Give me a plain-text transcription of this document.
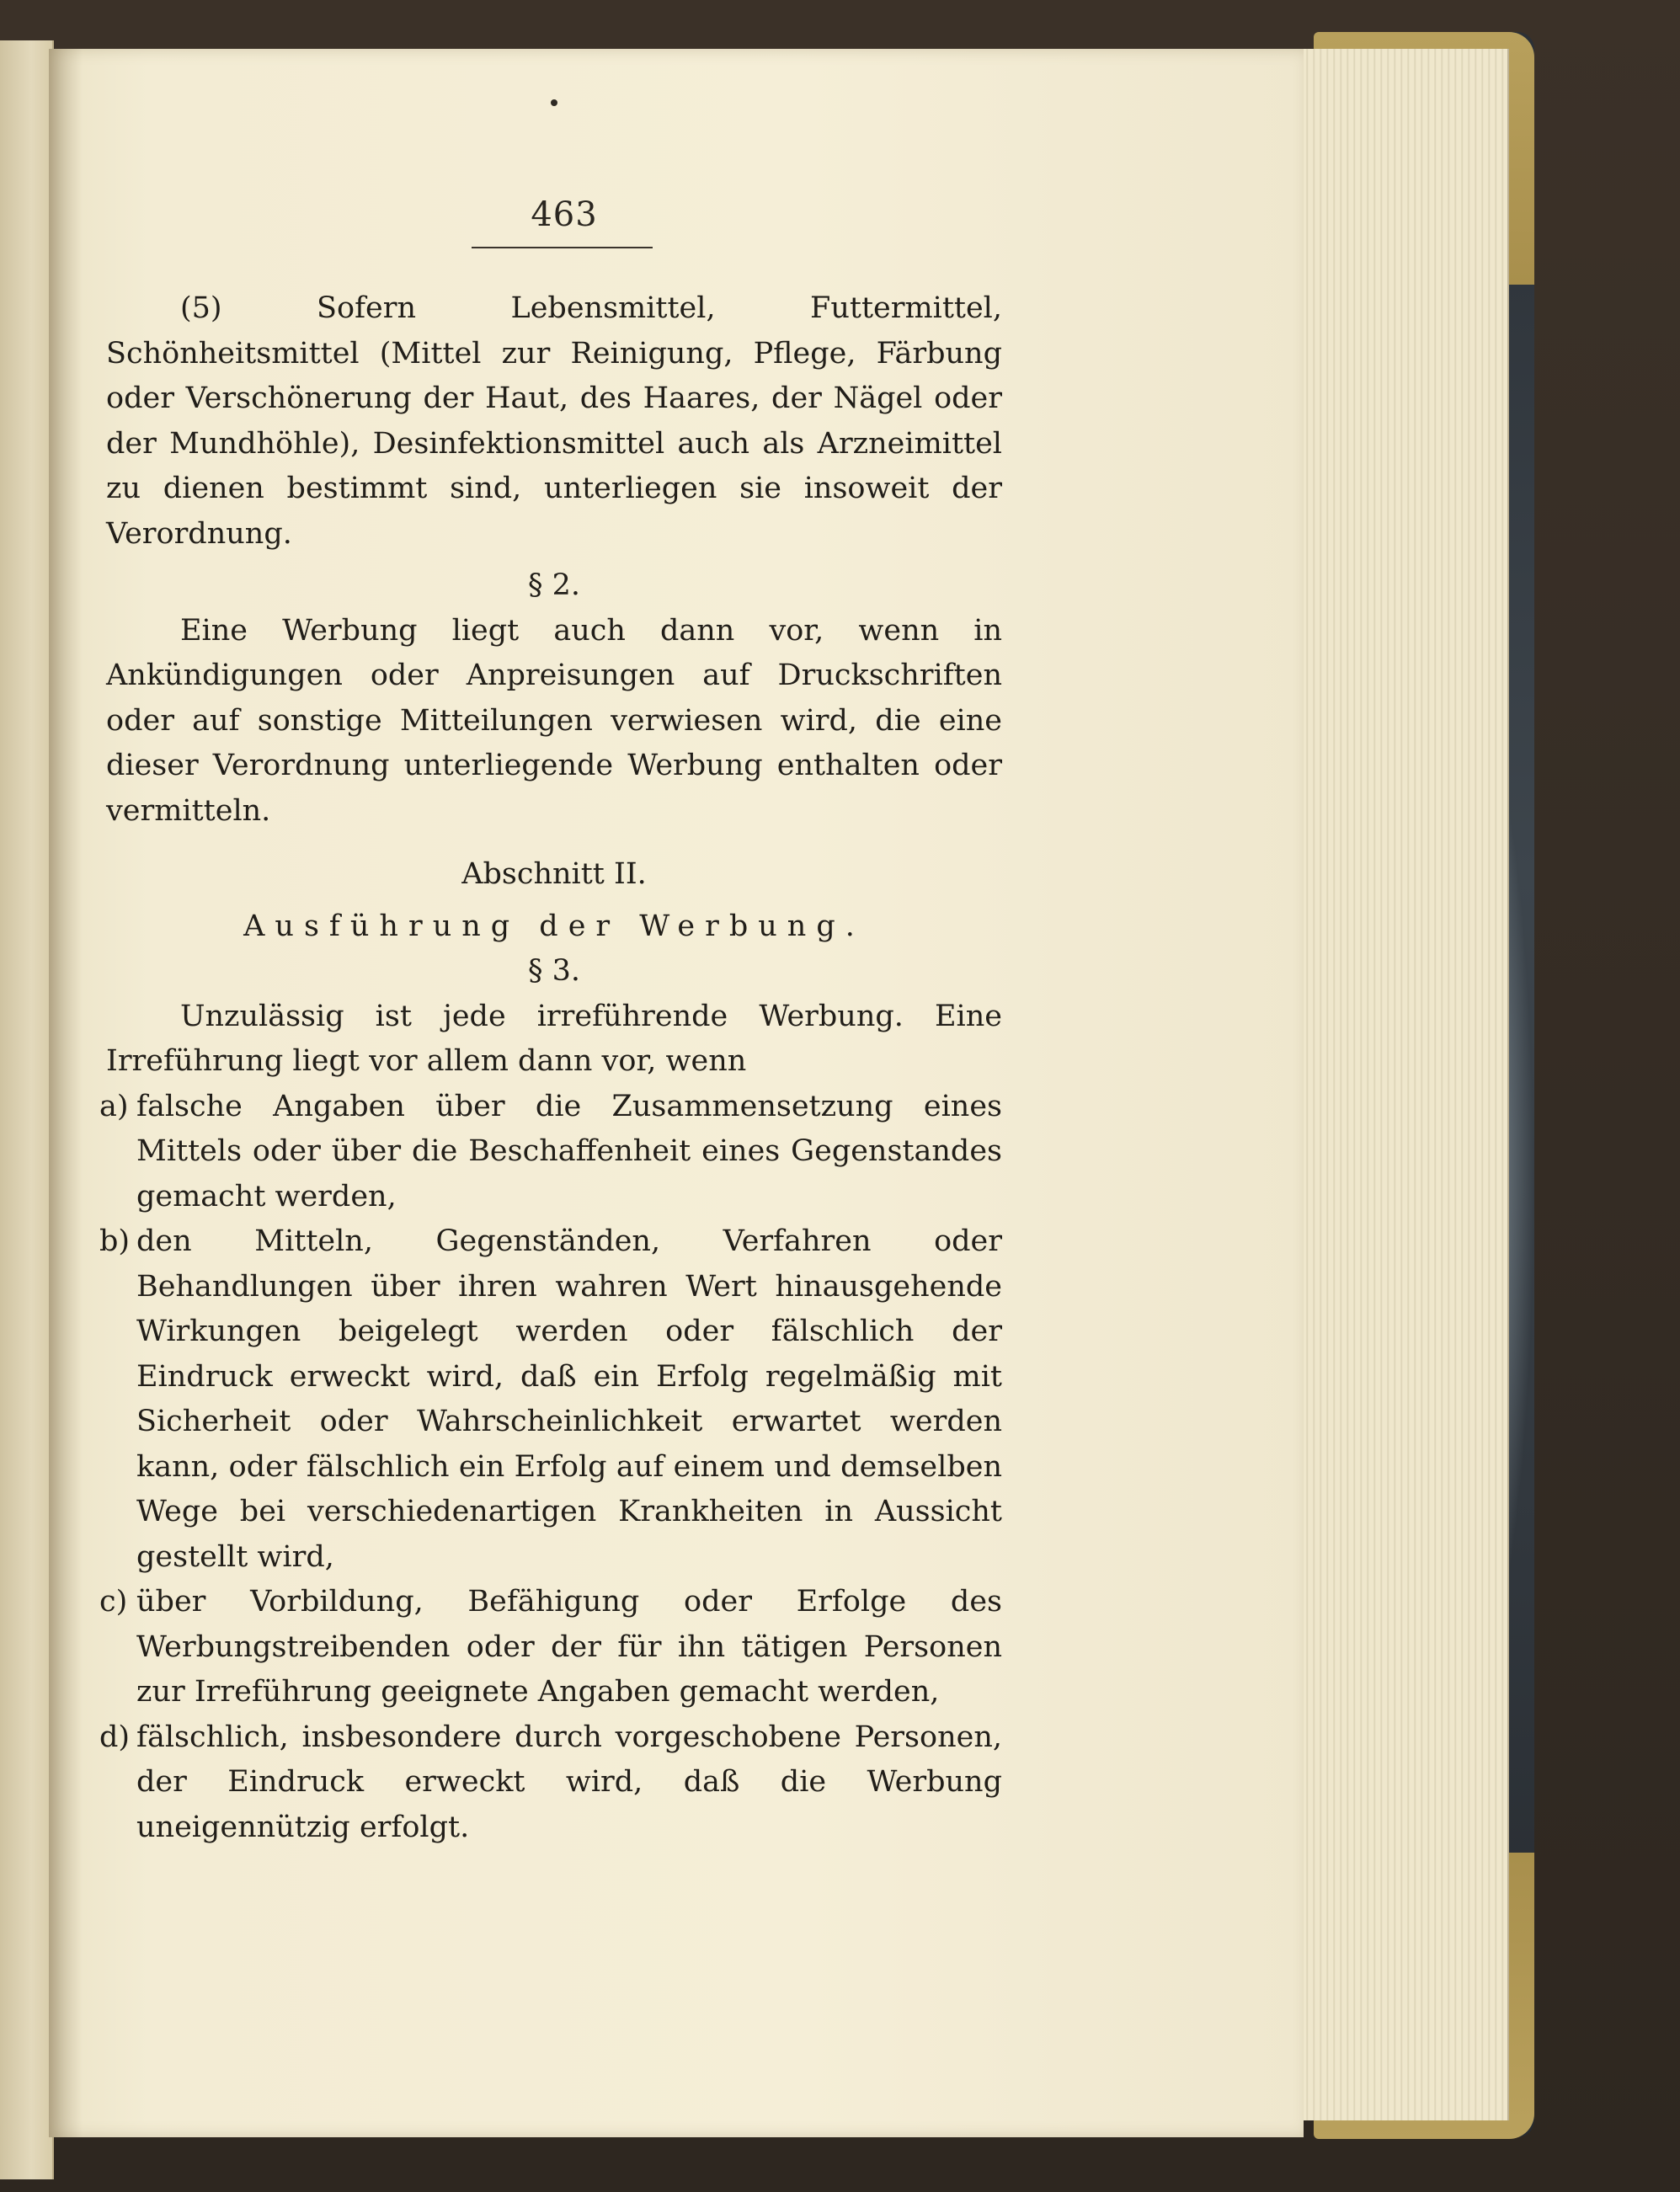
463

(5) Sofern Lebensmittel, Futtermittel, Schönheitsmittel (Mittel zur Reinigung, Pflege, Färbung oder Verschönerung der Haut, des Haares, der Nägel oder der Mundhöhle), Desinfektionsmittel auch als Arzneimittel zu dienen bestimmt sind, unterliegen sie insoweit der Verordnung.

§ 2.

Eine Werbung liegt auch dann vor, wenn in Ankündigungen oder Anpreisungen auf Druckschriften oder auf sonstige Mitteilungen verwiesen wird, die eine dieser Verordnung unterliegende Werbung enthalten oder vermitteln.

Abschnitt II.

Ausführung der Werbung.

§ 3.

Unzulässig ist jede irreführende Werbung. Eine Irreführung liegt vor allem dann vor, wenn

a) falsche Angaben über die Zusammensetzung eines Mittels oder über die Beschaffenheit eines Gegenstandes gemacht werden,
b) den Mitteln, Gegenständen, Verfahren oder Behandlungen über ihren wahren Wert hinausgehende Wirkungen beigelegt werden oder fälschlich der Eindruck erweckt wird, daß ein Erfolg regelmäßig mit Sicherheit oder Wahrscheinlichkeit erwartet werden kann, oder fälschlich ein Erfolg auf einem und demselben Wege bei verschiedenartigen Krankheiten in Aussicht gestellt wird,
c) über Vorbildung, Befähigung oder Erfolge des Werbungstreibenden oder der für ihn tätigen Personen zur Irreführung geeignete Angaben gemacht werden,
d) fälschlich, insbesondere durch vorgeschobene Personen, der Eindruck erweckt wird, daß die Werbung uneigennützig erfolgt.
